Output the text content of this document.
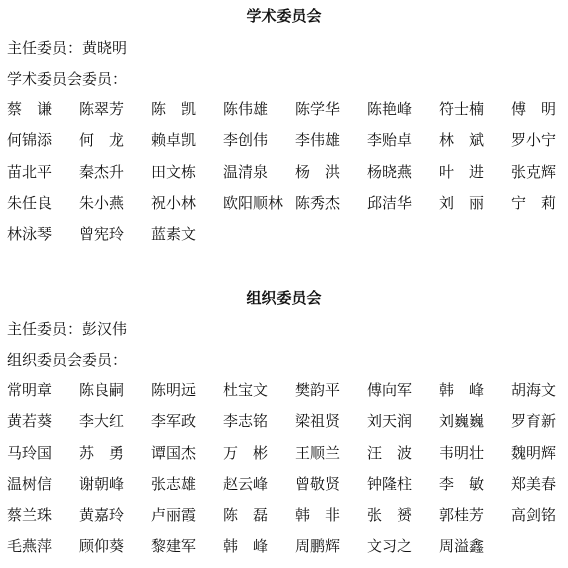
学术委员会
主任委员：黄晓明
学术委员会委员：
蔡谦	陈翠芳	陈凯	陈伟雄	陈学华	陈艳峰	符士楠	傅明
何锦添	何龙	赖卓凯	李创伟	李伟雄	李贻卓	林斌	罗小宁
苗北平	秦杰升	田文栋	温清泉	杨洪	杨晓燕	叶进	张克辉
朱任良	朱小燕	祝小林	欧阳顺林 陈秀杰	邱洁华	刘丽	宁莉
林泳琴	曾宪玲	蓝素文
组织委员会
主任委员：彭汉伟
组织委员会委员：
常明章	陈良嗣	陈明远	杜宝文	樊韵平	傅向军	韩峰	胡海文
黄若葵	李大红	李军政	李志铭	梁祖贤	刘天润	刘巍巍	罗育新
马玲国	苏勇	谭国杰	万彬	王顺兰	汪波	韦明壮	魏明辉
温树信	谢朝峰	张志雄	赵云峰	曾敬贤	钟隆柱	李敏	郑美春
蔡兰珠	黄嘉玲	卢丽霞	陈磊	韩非	张赟	郭桂芳	高剑铭
毛燕萍	顾仰葵	黎建军	韩峰	周鹏辉	文习之	周溢鑫
